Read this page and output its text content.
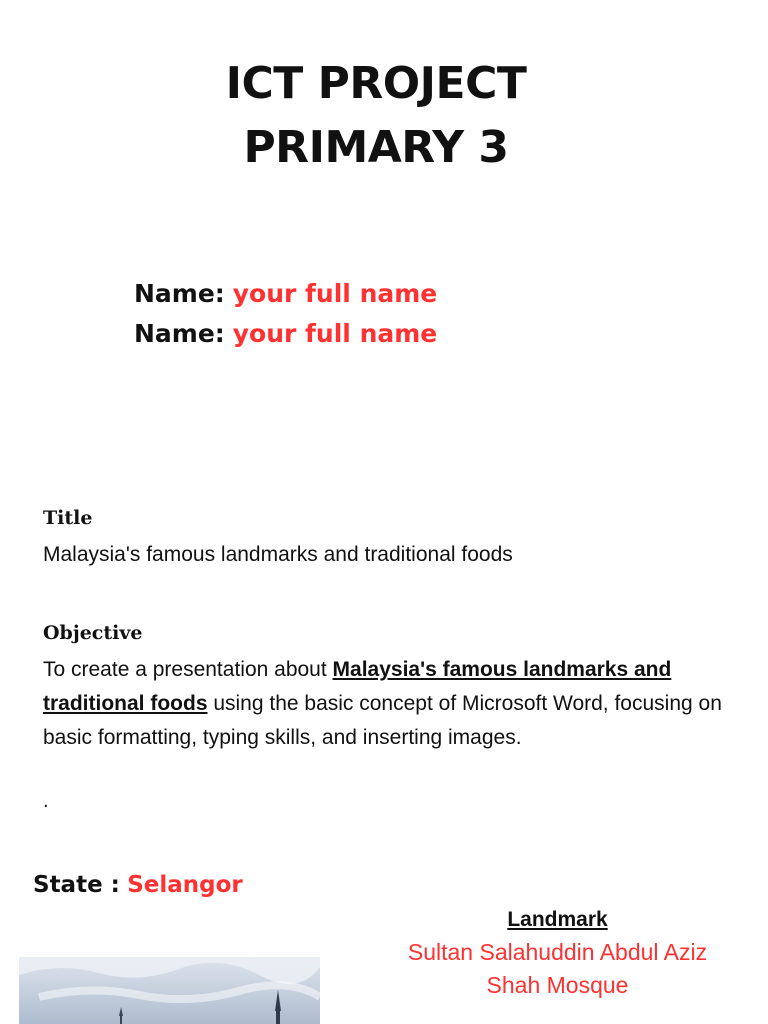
ICT PROJECT
PRIMARY 3
Name: your full name
Name: your full name
Title
Malaysia's famous landmarks and traditional foods
Objective
To create a presentation about Malaysia's famous landmarks and traditional foods using the basic concept of Microsoft Word, focusing on basic formatting, typing skills, and inserting images.
.
State : Selangor
Landmark
Sultan Salahuddin Abdul Aziz Shah Mosque
